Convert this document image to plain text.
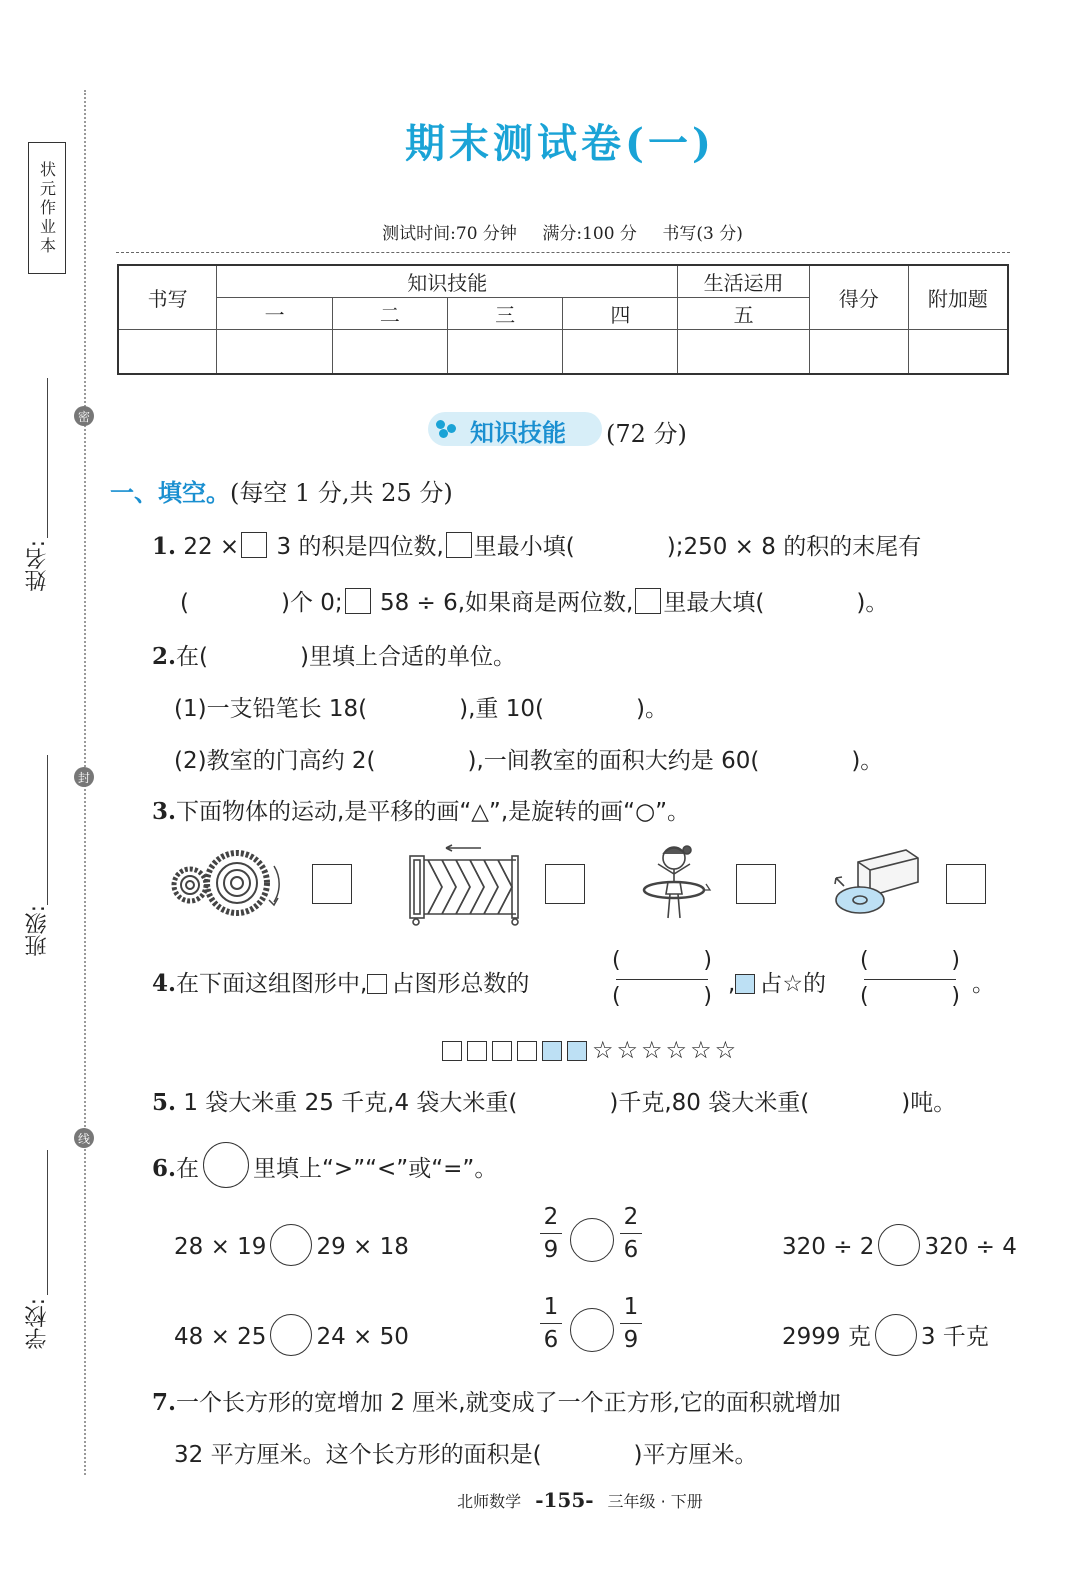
状元作业本
密
封
线
姓名:
班级:
学校:
期末测试卷(一)
测试时间:70 分钟 满分:100 分 书写(3 分)
书写	知识技能				生活运用	得分	附加题
	一	二	三	四	五		

知识技能 (72 分)
一、填空。(每空 1 分,共 25 分)
1. 22 × 3 的积是四位数, 里最小填(　　　　);250 × 8 的积的末尾有
(　　　　)个 0; 58 ÷ 6,如果商是两位数, 里最大填(　　　　)。
2.在(　　　　)里填上合适的单位。
(1)一支铅笔长 18(　　　　),重 10(　　　　)。
(2)教室的门高约 2(　　　　),一间教室的面积大约是 60(　　　　)。
3.下面物体的运动,是平移的画“△”,是旋转的画“○”。
4.在下面这组图形中, 占图形总数的
(	)
(	) , 占☆的
(	)
(	) 。
☆☆☆☆☆☆
5. 1 袋大米重 25 千克,4 袋大米重(　　　　)千克,80 袋大米重(　　　　)吨。
6.在 里填上“>”“<”或“=”。
28 × 19 29 × 18
2
9
2
6	320 ÷ 2 320 ÷ 4
48 × 25 24 × 50
1
6
1
9	2999 克 3 千克
7.一个长方形的宽增加 2 厘米,就变成了一个正方形,它的面积就增加
32 平方厘米。这个长方形的面积是(　　　　)平方厘米。
北师数学 -155- 三年级 · 下册
